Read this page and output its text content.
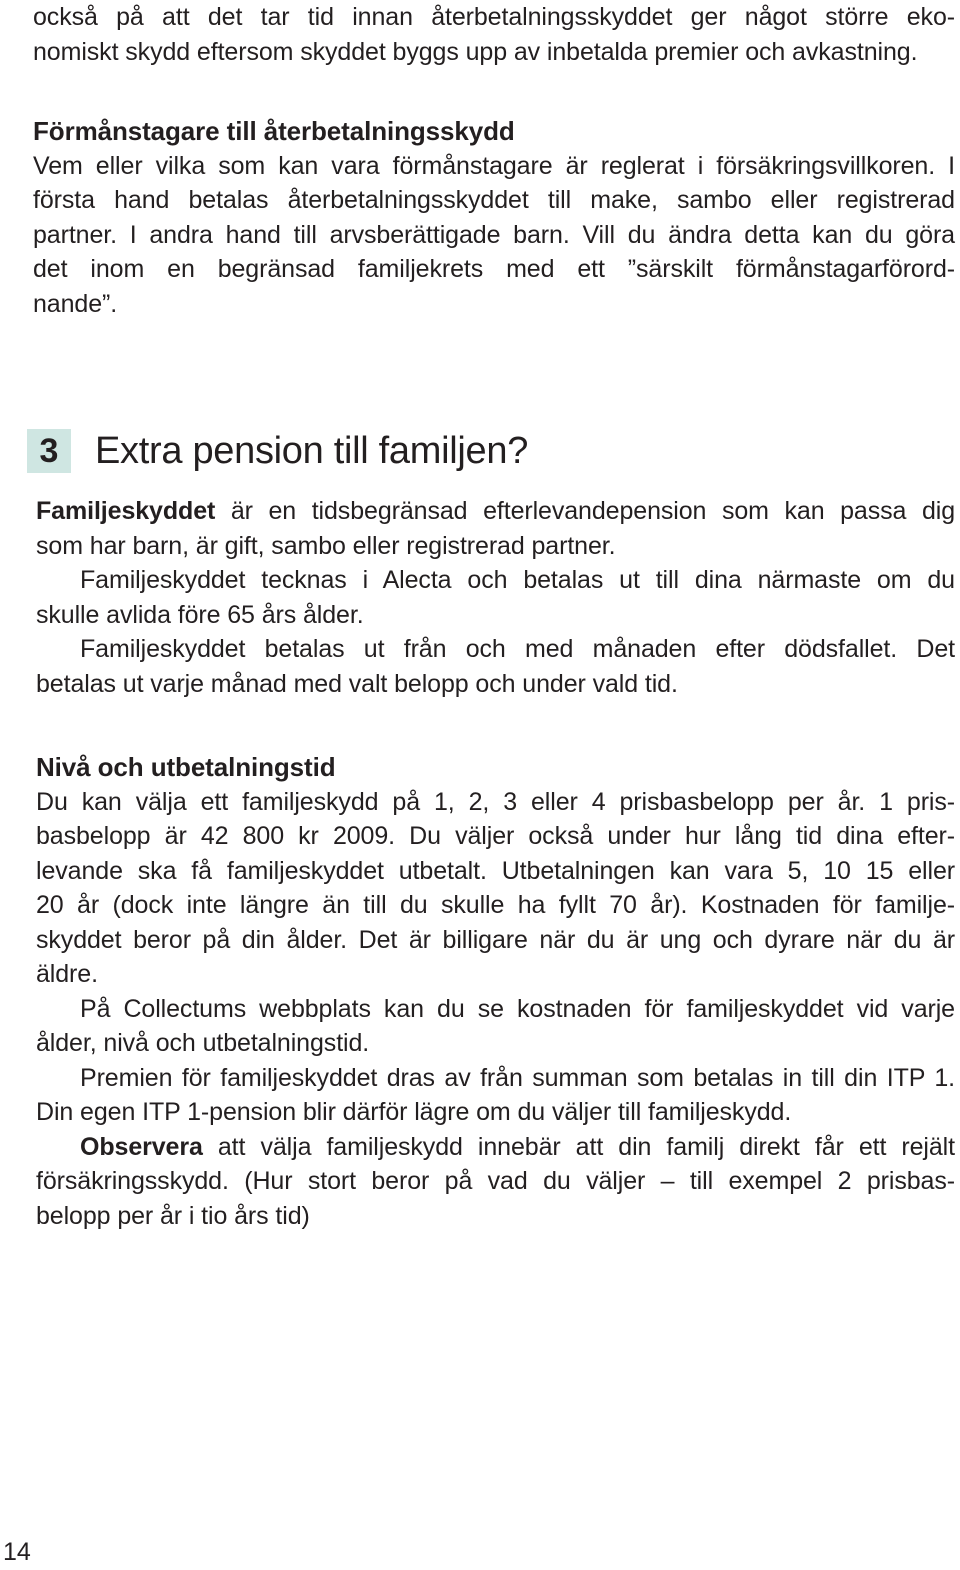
också på att det tar tid innan återbetalningsskyddet ger något större eko-
nomiskt skydd eftersom skyddet byggs upp av inbetalda premier och avkastning.
Förmånstagare till återbetalningsskydd
Vem eller vilka som kan vara förmånstagare är reglerat i försäkringsvillkoren. I
första hand betalas återbetalningsskyddet till make, sambo eller registrerad
partner. I andra hand till arvsberättigade barn. Vill du ändra detta kan du göra
det inom en begränsad familjekrets med ett ”särskilt förmånstagarförord-
nande”.
3 Extra pension till familjen?
Familjeskyddet är en tidsbegränsad efterlevandepension som kan passa dig
som har barn, är gift, sambo eller registrerad partner.
Familjeskyddet tecknas i Alecta och betalas ut till dina närmaste om du
skulle avlida före 65 års ålder.
Familjeskyddet betalas ut från och med månaden efter dödsfallet. Det
betalas ut varje månad med valt belopp och under vald tid.
Nivå och utbetalningstid
Du kan välja ett familjeskydd på 1, 2, 3 eller 4 prisbasbelopp per år. 1 pris-
basbelopp är 42 800 kr 2009. Du väljer också under hur lång tid dina efter-
levande ska få familjeskyddet utbetalt. Utbetalningen kan vara 5, 10 15 eller
20 år (dock inte längre än till du skulle ha fyllt 70 år). Kostnaden för familje-
skyddet beror på din ålder. Det är billigare när du är ung och dyrare när du är
äldre.
På Collectums webbplats kan du se kostnaden för familjeskyddet vid varje
ålder, nivå och utbetalningstid.
Premien för familjeskyddet dras av från summan som betalas in till din ITP 1.
Din egen ITP 1-pension blir därför lägre om du väljer till familjeskydd.
Observera att välja familjeskydd innebär att din familj direkt får ett rejält
försäkringsskydd. (Hur stort beror på vad du väljer – till exempel 2 prisbas-
belopp per år i tio års tid)
14
